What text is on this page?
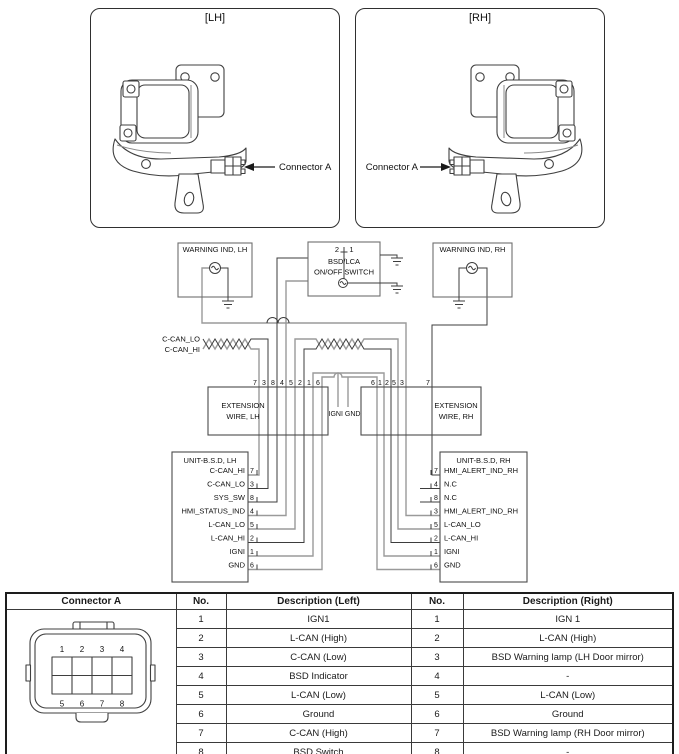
[LH]
Connector A
[RH]
Connector A
WARNING IND, LH	2 1
BSD/LCA
ON/OFF SWITCH
WARNING IND, RH
C-CAN_LO
C-CAN_HI
EXTENSION
WIRE, LH
EXTENSION
WIRE, RH
7 3 8 4 5 2 1 6	6 1 2 5 3	7
IGNI GND
UNIT-B.S.D, LH
7
3
8
4
5
2
1
6
C-CAN_HI
C-CAN_LO
SYS_SW
HMI_STATUS_IND
L-CAN_LO
L-CAN_HI
IGNI
GND
UNIT-B.S.D, RH
7
4
8
3
5
2
1
6
HMI_ALERT_IND_RH
N.C
N.C
HMI_ALERT_IND_RH
L-CAN_LO
L-CAN_HI
IGNI
GND
Connector A	No.	Description (Left)	No.	Description (Right)

1 2 3 4
5 6 7 8
	1	IGN1	1	IGN 1
	2	L-CAN (High)	2	L-CAN (High)
	3	C-CAN (Low)	3	BSD Warning lamp (LH Door mirror)
	4	BSD Indicator	4	-
	5	L-CAN (Low)	5	L-CAN (Low)
	6	Ground	6	Ground
	7	C-CAN (High)	7	BSD Warning lamp (RH Door mirror)
	8	BSD Switch	8	-
